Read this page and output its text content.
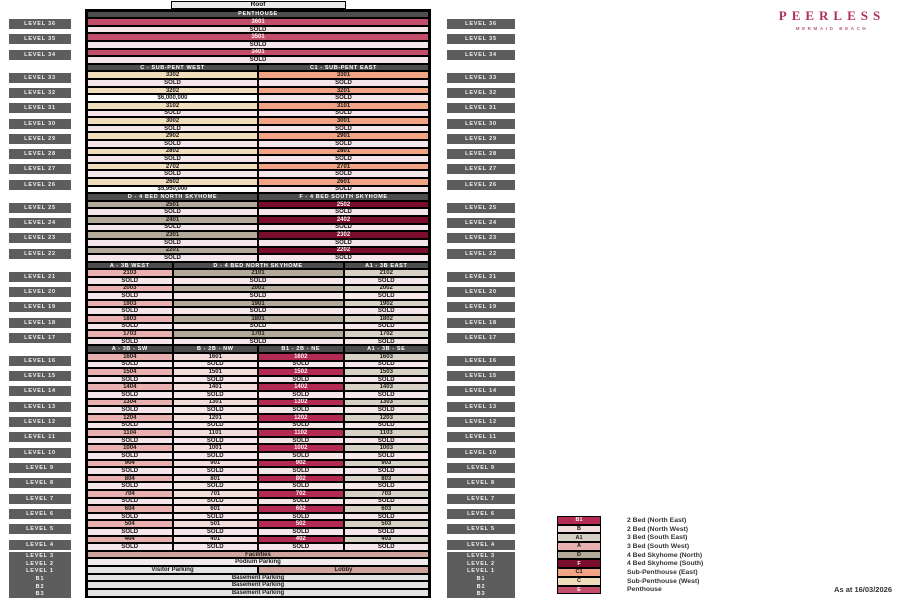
LEVEL 36
LEVEL 35
LEVEL 34
LEVEL 33
LEVEL 32
LEVEL 31
LEVEL 30
LEVEL 29
LEVEL 28
LEVEL 27
LEVEL 26
LEVEL 25
LEVEL 24
LEVEL 23
LEVEL 22
LEVEL 21
LEVEL 20
LEVEL 19
LEVEL 18
LEVEL 17
LEVEL 16
LEVEL 15
LEVEL 14
LEVEL 13
LEVEL 12
LEVEL 11
LEVEL 10
LEVEL 9
LEVEL 8
LEVEL 7
LEVEL 6
LEVEL 5
LEVEL 4
LEVEL 3
LEVEL 2
LEVEL 1
B1
B2
B3
Roof
PENTHOUSE
3601
SOLD
3501
SOLD
3401
SOLD
C - SUB-PENT WEST	C1 - SUB-PENT EAST
3302	3301
SOLD	SOLD
3202	3201
$6,000,000	SOLD
3102	3101
SOLD	SOLD
3002	3001
SOLD	SOLD
2902	2901
SOLD	SOLD
2802	2801
SOLD	SOLD
2702	2701
SOLD	SOLD
2602	2601
$5,950,000	SOLD
D - 4 BED NORTH SKYHOME	F - 4 BED SOUTH SKYHOME
2501	2502
SOLD	SOLD
2401	2402
SOLD	SOLD
2301	2302
SOLD	SOLD
2201	2202
SOLD	SOLD
A - 3B WEST	D - 4 BED NORTH SKYHOME	A1 - 3B EAST
2103	2101	2102
SOLD	SOLD	SOLD
2003	2001	2002
SOLD	SOLD	SOLD
1903	1901	1902
SOLD	SOLD	SOLD
1803	1801	1802
SOLD	SOLD	SOLD
1703	1701	1702
SOLD	SOLD	SOLD
A - 3B - SW	B - 2B - NW	B1 - 2B - NE	A1 - 3B - SE
1604	1601	1602	1603
SOLD	SOLD	SOLD	SOLD
1504	1501	1502	1503
SOLD	SOLD	SOLD	SOLD
1404	1401	1402	1403
SOLD	SOLD	SOLD	SOLD
1304	1301	1302	1303
SOLD	SOLD	SOLD	SOLD
1204	1201	1202	1203
SOLD	SOLD	SOLD	SOLD
1104	1101	1102	1103
SOLD	SOLD	SOLD	SOLD
1004	1001	1002	1003
SOLD	SOLD	SOLD	SOLD
904	901	902	903
SOLD	SOLD	SOLD	SOLD
804	801	802	803
SOLD	SOLD	SOLD	SOLD
704	701	702	703
SOLD	SOLD	SOLD	SOLD
604	601	602	603
SOLD	SOLD	SOLD	SOLD
504	501	502	503
SOLD	SOLD	SOLD	SOLD
404	401	402	403
SOLD	SOLD	SOLD	SOLD
Facilities
Podium Parking
Visitor Parking	Lobby
Basement Parking
Basement Parking
Basement Parking
LEVEL 36
LEVEL 35
LEVEL 34
LEVEL 33
LEVEL 32
LEVEL 31
LEVEL 30
LEVEL 29
LEVEL 28
LEVEL 27
LEVEL 26
LEVEL 25
LEVEL 24
LEVEL 23
LEVEL 22
LEVEL 21
LEVEL 20
LEVEL 19
LEVEL 18
LEVEL 17
LEVEL 16
LEVEL 15
LEVEL 14
LEVEL 13
LEVEL 12
LEVEL 11
LEVEL 10
LEVEL 9
LEVEL 8
LEVEL 7
LEVEL 6
LEVEL 5
LEVEL 4
LEVEL 3
LEVEL 2
LEVEL 1
B1
B2
B3
PEERLESS
MERMAID BEACH
B1
B
A1
A
D
F
C1
C
E
2 Bed (North East)
2 Bed (North West)
3 Bed (South East)
3 Bed (South West)
4 Bed Skyhome (North)
4 Bed Skyhome (South)
Sub-Penthouse (East)
Sub-Penthouse (West)
Penthouse	As at 16/03/2026
